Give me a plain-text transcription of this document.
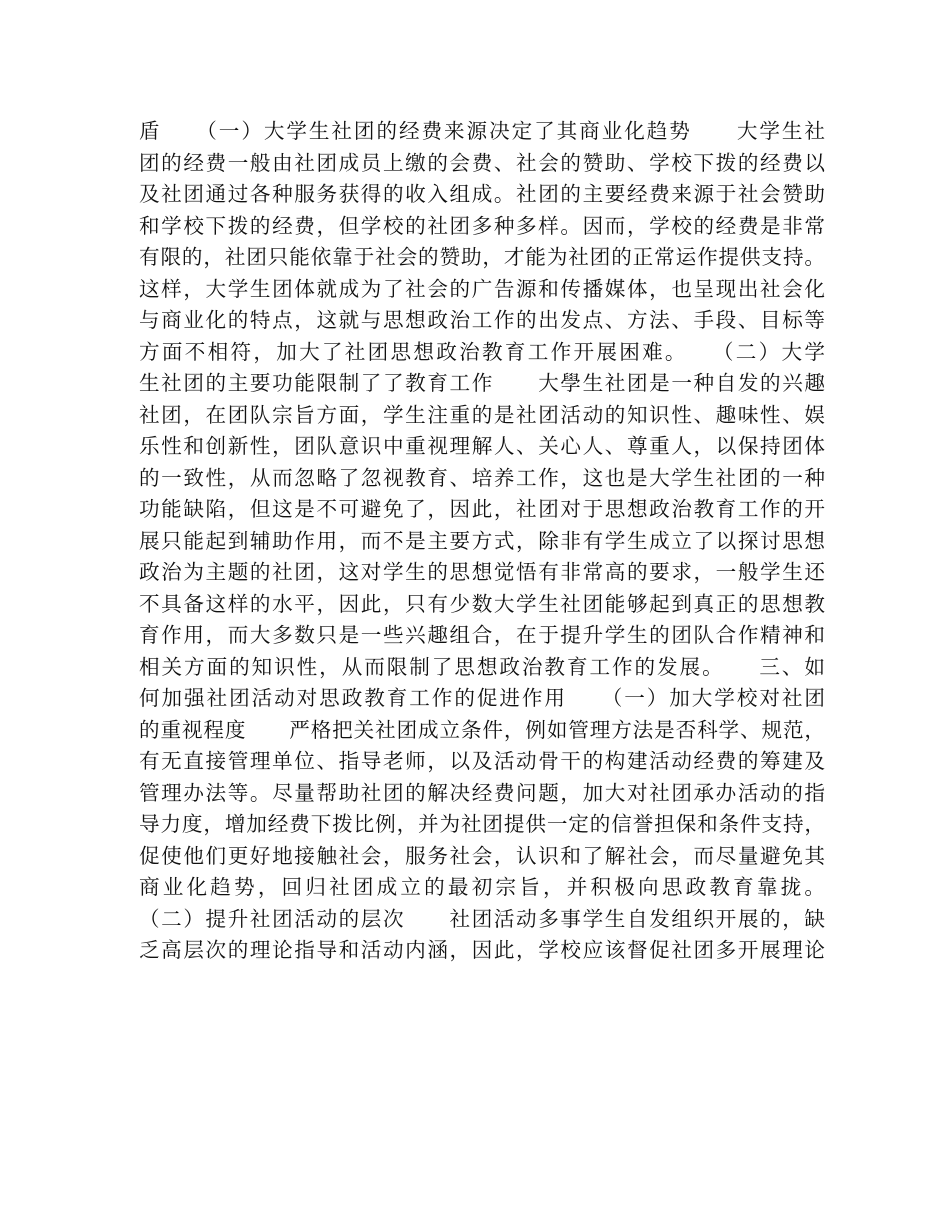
盾　　（一）大学生社团的经费来源决定了其商业化趋势　　大学生社
团的经费一般由社团成员上缴的会费、社会的赞助、学校下拨的经费以
及社团通过各种服务获得的收入组成。社团的主要经费来源于社会赞助
和学校下拨的经费，但学校的社团多种多样。因而，学校的经费是非常
有限的，社团只能依靠于社会的赞助，才能为社团的正常运作提供支持。
这样，大学生团体就成为了社会的广告源和传播媒体，也呈现出社会化
与商业化的特点，这就与思想政治工作的出发点、方法、手段、目标等
方面不相符，加大了社团思想政治教育工作开展困难。　　（二）大学
生社团的主要功能限制了了教育工作　　大學生社团是一种自发的兴趣
社团，在团队宗旨方面，学生注重的是社团活动的知识性、趣味性、娱
乐性和创新性，团队意识中重视理解人、关心人、尊重人，以保持团体
的一致性，从而忽略了忽视教育、培养工作，这也是大学生社团的一种
功能缺陷，但这是不可避免了，因此，社团对于思想政治教育工作的开
展只能起到辅助作用，而不是主要方式，除非有学生成立了以探讨思想
政治为主题的社团，这对学生的思想觉悟有非常高的要求，一般学生还
不具备这样的水平，因此，只有少数大学生社团能够起到真正的思想教
育作用，而大多数只是一些兴趣组合，在于提升学生的团队合作精神和
相关方面的知识性，从而限制了思想政治教育工作的发展。　　三、如
何加强社团活动对思政教育工作的促进作用　　（一）加大学校对社团
的重视程度　　严格把关社团成立条件，例如管理方法是否科学、规范，
有无直接管理单位、指导老师，以及活动骨干的构建活动经费的筹建及
管理办法等。尽量帮助社团的解决经费问题，加大对社团承办活动的指
导力度，增加经费下拨比例，并为社团提供一定的信誉担保和条件支持，
促使他们更好地接触社会，服务社会，认识和了解社会，而尽量避免其
商业化趋势，回归社团成立的最初宗旨，并积极向思政教育靠拢。
（二）提升社团活动的层次　　社团活动多事学生自发组织开展的，缺
乏高层次的理论指导和活动内涵，因此，学校应该督促社团多开展理论
